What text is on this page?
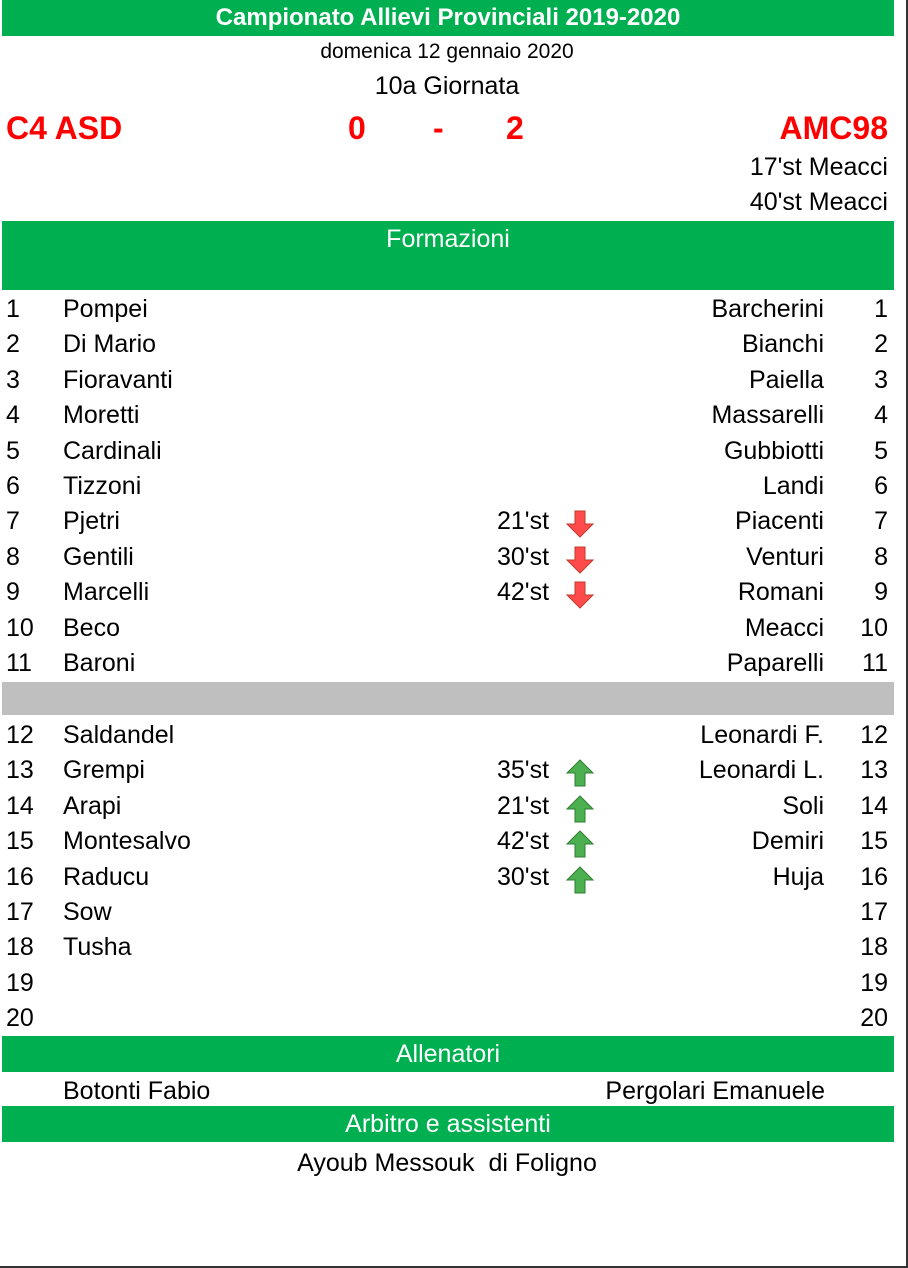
Campionato Allievi Provinciali 2019-2020
domenica 12 gennaio 2020
10a Giornata
C4 ASD	0 - 2	AMC98
17'st Meacci
40'st Meacci
Formazioni
1 Pompei	Barcherini 1
2 Di Mario	Bianchi 2
3 Fioravanti	Paiella 3
4 Moretti	Massarelli 4
5 Cardinali	Gubbiotti 5
6 Tizzoni	Landi 6
7 Pjetri	21'st	Piacenti 7
8 Gentili	30'st	Venturi 8
9 Marcelli	42'st	Romani 9
10 Beco	Meacci 10
11 Baroni	Paparelli 11
12 Saldandel	Leonardi F. 12
13 Grempi	35'st	Leonardi L. 13
14 Arapi	21'st	Soli 14
15 Montesalvo	42'st	Demiri 15
16 Raducu	30'st	Huja 16
17 Sow	17
18 Tusha	18
19	19
20	20
Allenatori
Botonti Fabio	Pergolari Emanuele
Arbitro e assistenti
Ayoub Messouk  di Foligno
